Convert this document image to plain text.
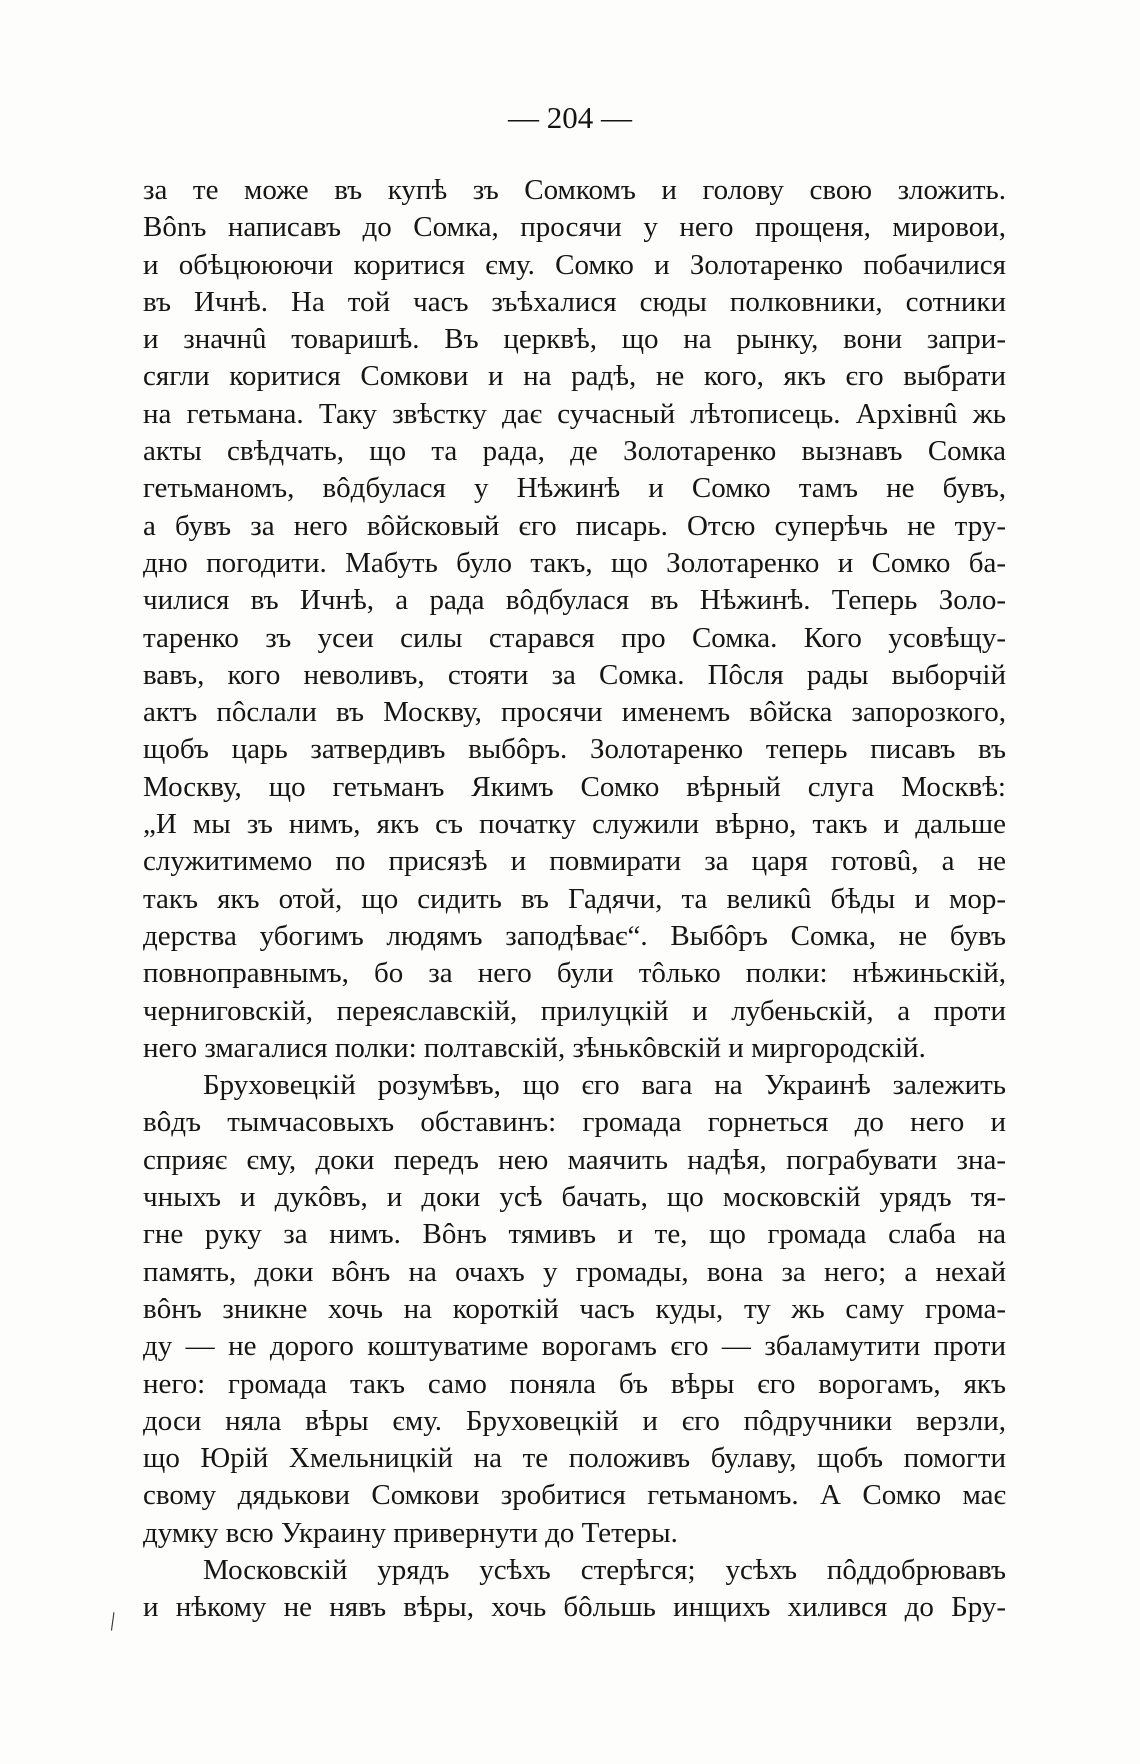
— 204 —
за те може въ купѣ зъ Сомкомъ и голову свою зложить.
Вônъ написавъ до Сомка, просячи у него прощеня, мировои,
и обѣцююючи коритися єму. Сомко и Золотаренко побачилися
въ Ичнѣ. На той часъ зъѣхалися сюды полковники, сотники
и значнû товаришѣ. Въ церквѣ, що на рынку, вони запри-
сягли коритися Сомкови и на радѣ, не кого, якъ єго выбрати
на гетьмана. Таку звѣстку дає сучасный лѣтописець. Архівнû жь
акты свѣдчать, що та рада, де Золотаренко вызнавъ Сомка
гетьманомъ, вôдбулася у Нѣжинѣ и Сомко тамъ не бувъ,
а бувъ за него вôйсковый єго писарь. Отсю суперѣчь не тру-
дно погодити. Мабуть було такъ, що Золотаренко и Сомко ба-
чилися въ Ичнѣ, а рада вôдбулася въ Нѣжинѣ. Теперь Золо-
таренко зъ усеи силы старався про Сомка. Кого усовѣщу-
вавъ, кого неволивъ, стояти за Сомка. Пôсля рады выборчій
актъ пôслали въ Москву, просячи именемъ вôйска запорозкого,
щобъ царь затвердивъ выбôръ. Золотаренко теперь писавъ въ
Москву, що гетьманъ Якимъ Сомко вѣрный слуга Москвѣ:
„И мы зъ нимъ, якъ съ початку служили вѣрно, такъ и дальше
служитимемо по присязѣ и повмирати за царя готовû, а не
такъ якъ отой, що сидить въ Гадячи, та великû бѣды и мор-
дерства убогимъ людямъ заподѣває“. Выбôръ Сомка, не бувъ
повноправнымъ, бо за него були тôлько полки: нѣжиньскій,
черниговскій, переяславскій, прилуцкій и лубеньскій, а проти
него змагалися полки: полтавскій, зѣнькôвскій и миргородскій.
Бруховецкій розумѣвъ, що єго вага на Украинѣ залежить
вôдъ тымчасовыхъ обставинъ: громада горнеться до него и
сприяє єму, доки передъ нею маячить надѣя, пограбувати зна-
чныхъ и дукôвъ, и доки усѣ бачать, що московскій урядъ тя-
гне руку за нимъ. Вôнъ тямивъ и те, що громада слаба на
память, доки вôнъ на очахъ у громады, вона за него; а нехай
вôнъ зникне хочь на короткій часъ куды, ту жь саму грома-
ду — не дорого коштуватиме ворогамъ єго — збаламутити проти
него: громада такъ само поняла бъ вѣры єго ворогамъ, якъ
доси няла вѣры єму. Бруховецкій и єго пôдручники верзли,
що Юрій Хмельницкій на те положивъ булаву, щобъ помогти
свому дядькови Сомкови зробитися гетьманомъ. А Сомко має
думку всю Украину привернути до Тетеры.
Московскій урядъ усѣхъ стерѣгся; усѣхъ пôддобрювавъ
и нѣкому не нявъ вѣры, хочь бôльшь инщихъ хилився до Бру-
╲
